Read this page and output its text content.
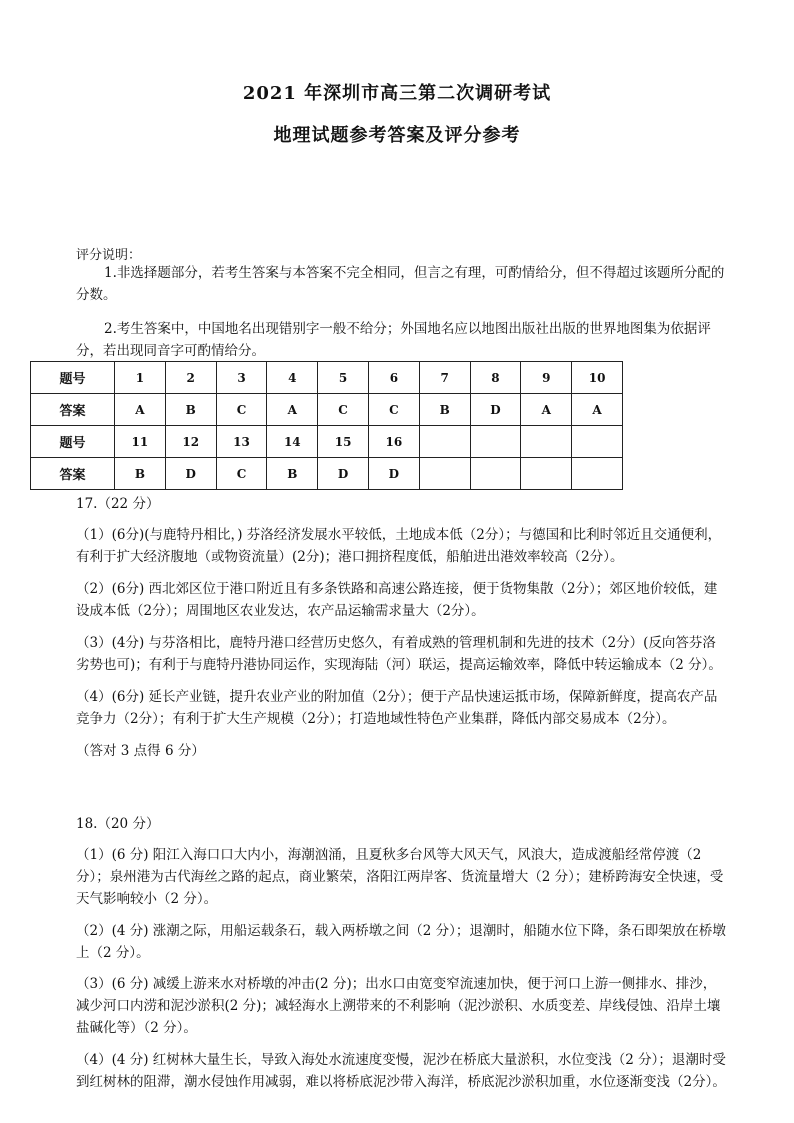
2021 年深圳市高三第二次调研考试
地理试题参考答案及评分参考
评分说明：
1.非选择题部分，若考生答案与本答案不完全相同，但言之有理，可酌情给分，但不得超过该题所分配的分数。
2.考生答案中，中国地名出现错别字一般不给分；外国地名应以地图出版社出版的世界地图集为依据评分，若出现同音字可酌情给分。
题号	1	2	3	4	5	6	7	8	9	10
答案	A	B	C	A	C	C	B	D	A	A
题号	11	12	13	14	15	16				
答案	B	D	C	B	D	D				
17.（22 分）
（1）(6分)(与鹿特丹相比，) 芬洛经济发展水平较低，土地成本低（2分）；与德国和比利时邻近且交通便利，有利于扩大经济腹地（或物资流量）(2分)；港口拥挤程度低，船舶进出港效率较高（2分）。
（2）(6分) 西北郊区位于港口附近且有多条铁路和高速公路连接，便于货物集散（2分）；郊区地价较低，建设成本低（2分）；周围地区农业发达，农产品运输需求量大（2分）。
（3）(4分) 与芬洛相比，鹿特丹港口经营历史悠久，有着成熟的管理机制和先进的技术（2分）(反向答芬洛劣势也可)；有利于与鹿特丹港协同运作，实现海陆（河）联运，提高运输效率，降低中转运输成本（2 分）。
（4）(6分) 延长产业链，提升农业产业的附加值（2分）；便于产品快速运抵市场，保障新鲜度，提高农产品竞争力（2分）；有利于扩大生产规模（2分）；打造地域性特色产业集群，降低内部交易成本（2分）。
（答对 3 点得 6 分）
18.（20 分）
（1）(6 分) 阳江入海口口大内小，海潮汹涌，且夏秋多台风等大风天气，风浪大，造成渡船经常停渡（2 分）；泉州港为古代海丝之路的起点，商业繁荣，洛阳江两岸客、货流量增大（2 分）；建桥跨海安全快速，受天气影响较小（2 分）。
（2）(4 分) 涨潮之际，用船运载条石，载入两桥墩之间（2 分）；退潮时，船随水位下降，条石即架放在桥墩上（2 分）。
（3）(6 分) 减缓上游来水对桥墩的冲击(2 分)；出水口由宽变窄流速加快，便于河口上游一侧排水、排沙，减少河口内涝和泥沙淤积(2 分)；减轻海水上溯带来的不利影响（泥沙淤积、水质变差、岸线侵蚀、沿岸土壤盐碱化等）（2 分）。
（4）(4 分) 红树林大量生长，导致入海处水流速度变慢，泥沙在桥底大量淤积，水位变浅（2 分）；退潮时受到红树林的阻滞，潮水侵蚀作用减弱，难以将桥底泥沙带入海洋，桥底泥沙淤积加重，水位逐渐变浅（2分）。
